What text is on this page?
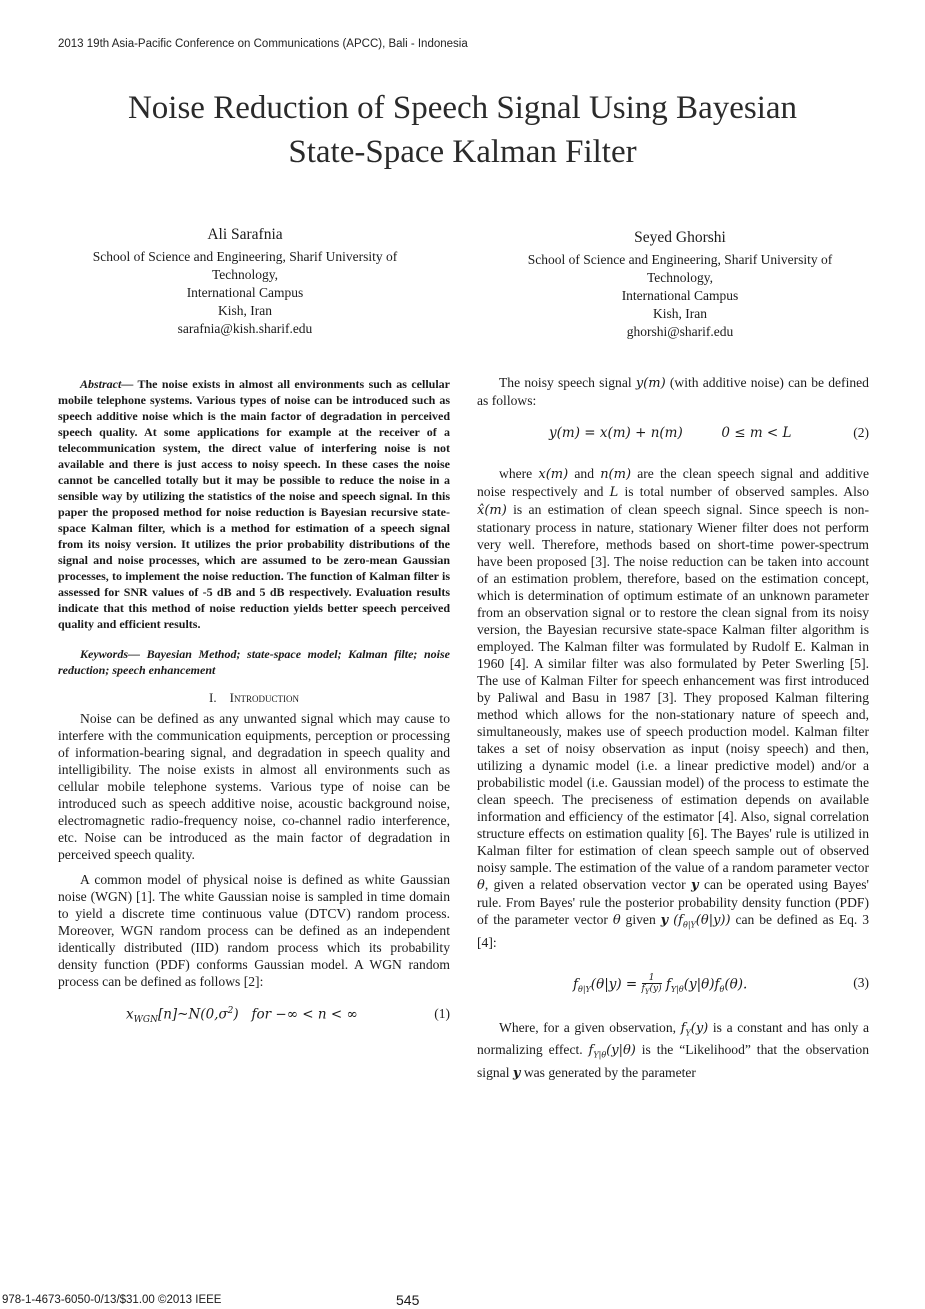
2013 19th Asia-Pacific Conference on Communications (APCC), Bali - Indonesia
Noise Reduction of Speech Signal Using Bayesian
State-Space Kalman Filter
Ali Sarafnia
School of Science and Engineering, Sharif University of
Technology,
International Campus
Kish, Iran
sarafnia@kish.sharif.edu
Seyed Ghorshi
School of Science and Engineering, Sharif University of
Technology,
International Campus
Kish, Iran
ghorshi@sharif.edu
Abstract— The noise exists in almost all environments such as cellular mobile telephone systems. Various types of noise can be introduced such as speech additive noise which is the main factor of degradation in perceived speech quality. At some applications for example at the receiver of a telecommunication system, the direct value of interfering noise is not available and there is just access to noisy speech. In these cases the noise cannot be cancelled totally but it may be possible to reduce the noise in a sensible way by utilizing the statistics of the noise and speech signal. In this paper the proposed method for noise reduction is Bayesian recursive state-space Kalman filter, which is a method for estimation of a speech signal from its noisy version. It utilizes the prior probability distributions of the signal and noise processes, which are assumed to be zero-mean Gaussian processes, to implement the noise reduction. The function of Kalman filter is assessed for SNR values of -5 dB and 5 dB respectively. Evaluation results indicate that this method of noise reduction yields better speech perceived quality and efficient results.
Keywords— Bayesian Method; state-space model; Kalman filte; noise reduction; speech enhancement
I. Introduction

Noise can be defined as any unwanted signal which may cause to interfere with the communication equipments, perception or processing of information-bearing signal, and degradation in speech quality and intelligibility. The noise exists in almost all environments such as cellular mobile telephone systems. Various type of noise can be introduced such as speech additive noise, acoustic background noise, electromagnetic radio-frequency noise, co-channel radio interference, etc. Noise can be introduced as the main factor of degradation in perceived speech quality.

A common model of physical noise is defined as white Gaussian noise (WGN) [1]. The white Gaussian noise is sampled in time domain to yield a discrete time continuous value (DTCV) random process. Moreover, WGN random process can be defined as an independent identically distributed (IID) random process which its probability density function (PDF) conforms Gaussian model. A WGN random process can be defined as follows [2]:

$x_{WGN}[n]\sim N(0,\sigma^2)$   for −∞ < n < ∞	(1)

The noisy speech signal y(m) (with additive noise) can be defined as follows:

y(m) = x(m) + n(m)         0 ≤ m < L	(2)

where x(m) and n(m) are the clean speech signal and additive noise respectively and L is total number of observed samples. Also x̂(m) is an estimation of clean speech signal. Since speech is non-stationary process in nature, stationary Wiener filter does not perform very well. Therefore, methods based on short-time power-spectrum have been proposed [3]. The noise reduction can be taken into account of an estimation problem, therefore, based on the estimation concept, which is determination of optimum estimate of an unknown parameter from an observation signal or to restore the clean signal from its noisy version, the Bayesian recursive state-space Kalman filter algorithm is employed. The Kalman filter was formulated by Rudolf E. Kalman in 1960 [4]. A similar filter was also formulated by Peter Swerling [5]. The use of Kalman Filter for speech enhancement was first introduced by Paliwal and Basu in 1987 [3]. They proposed Kalman filtering method which allows for the non-stationary nature of speech and, simultaneously, makes use of speech production model. Kalman filter takes a set of noisy observation as input (noisy speech) and then, utilizing a dynamic model (i.e. a linear predictive model) and/or a probabilistic model (i.e. Gaussian model) of the process to estimate the clean speech. The preciseness of estimation depends on available information and efficiency of the estimator [4]. Also, signal correlation structure effects on estimation quality [6]. The Bayes' rule is utilized in Kalman filter for estimation of clean speech sample out of observed noisy sample. The estimation of the value of a random parameter vector θ, given a related observation vector y can be operated using Bayes' rule. From Bayes' rule the posterior probability density function (PDF) of the parameter vector θ given y $(f_{\theta|Y}(\theta|y))$ can be defined as Eq. 3 [4]:

$f_{\theta|Y}(\theta|y) = \frac{1}{f_Y(y)} f_{Y|\theta}(y|\theta)f_\theta(\theta)$.	(3)

Where, for a given observation, $f_Y(y)$ is a constant and has only a normalizing effect. $f_{Y|\theta}(y|\theta)$ is the “Likelihood” that the observation signal y was generated by the parameter

978-1-4673-6050-0/13/$31.00 ©2013 IEEE	545
